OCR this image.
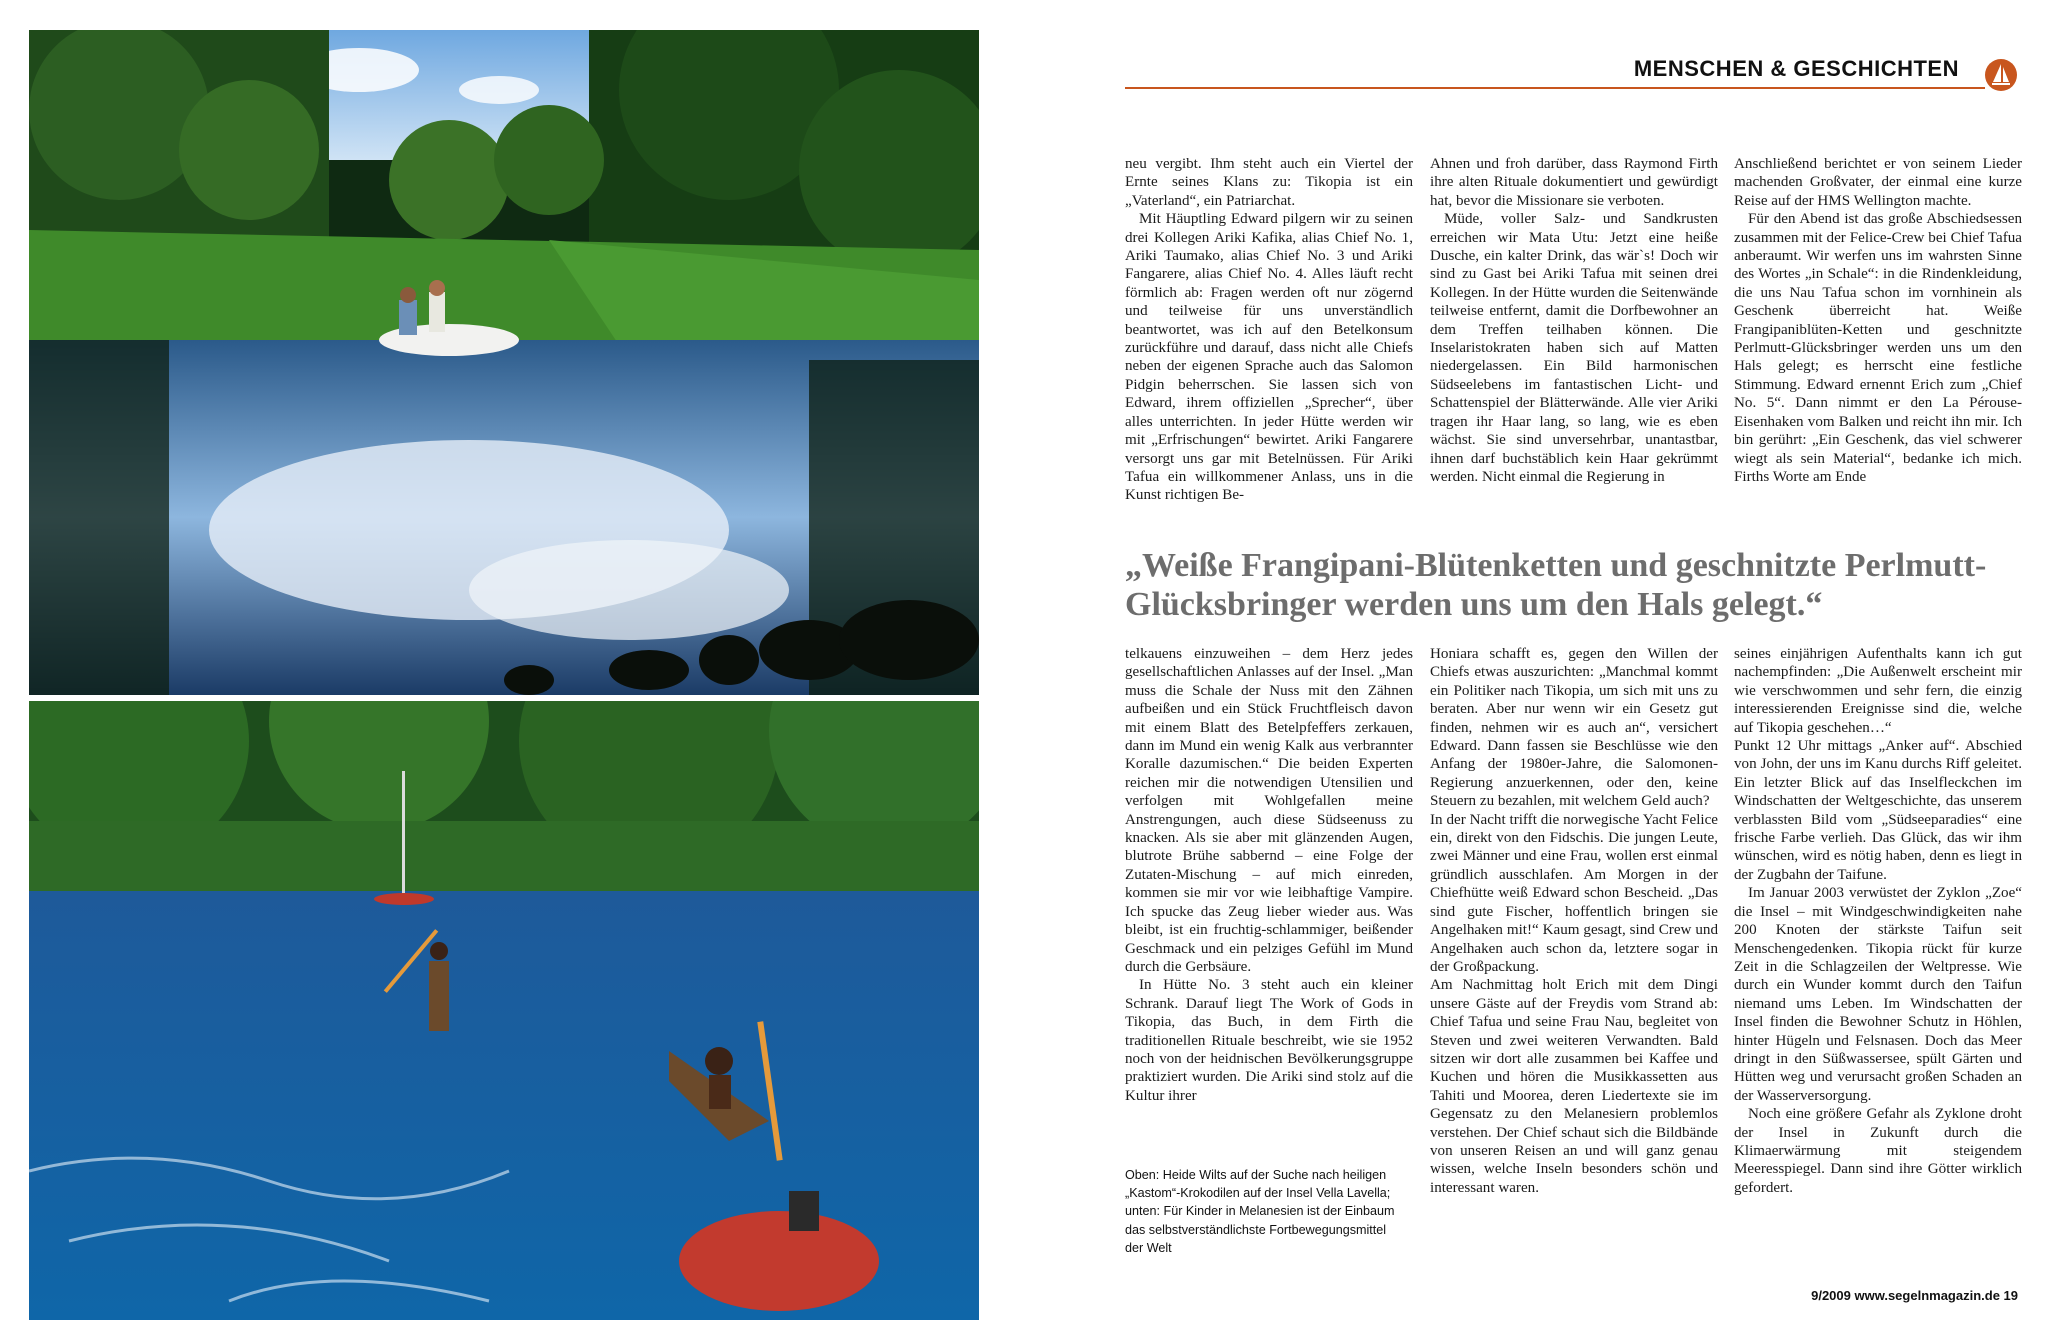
MENSCHEN & GESCHICHTEN

neu vergibt. Ihm steht auch ein Viertel der Ernte seines Klans zu: Tikopia ist ein „Vaterland“, ein Patriarchat.

Mit Häuptling Edward pilgern wir zu seinen drei Kollegen Ariki Kafika, alias Chief No. 1, Ariki Taumako, alias Chief No. 3 und Ariki Fangarere, alias Chief No. 4. Alles läuft recht förmlich ab: Fragen werden oft nur zögernd und teilweise für uns unverständlich beantwortet, was ich auf den Betelkonsum zurückführe und darauf, dass nicht alle Chiefs neben der eigenen Sprache auch das Salomon Pidgin beherrschen. Sie lassen sich von Edward, ihrem offiziellen „Sprecher“, über alles unterrichten. In jeder Hütte werden wir mit „Erfrischungen“ bewirtet. Ariki Fangarere versorgt uns gar mit Betelnüssen. Für Ariki Tafua ein willkommener Anlass, uns in die Kunst richtigen Be-

Ahnen und froh darüber, dass Raymond Firth ihre alten Rituale dokumentiert und gewürdigt hat, bevor die Missionare sie verboten.

Müde, voller Salz- und Sandkrusten erreichen wir Mata Utu: Jetzt eine heiße Dusche, ein kalter Drink, das wär`s! Doch wir sind zu Gast bei Ariki Tafua mit seinen drei Kollegen. In der Hütte wurden die Seitenwände teilweise entfernt, damit die Dorfbewohner an dem Treffen teilhaben können. Die Inselaristokraten haben sich auf Matten niedergelassen. Ein Bild harmonischen Südseelebens im fantastischen Licht- und Schattenspiel der Blätterwände. Alle vier Ariki tragen ihr Haar lang, so lang, wie es eben wächst. Sie sind unversehrbar, unantastbar, ihnen darf buchstäblich kein Haar gekrümmt werden. Nicht einmal die Regierung in

Anschließend berichtet er von seinem Lieder machenden Großvater, der einmal eine kurze Reise auf der HMS Wellington machte.

Für den Abend ist das große Abschiedsessen zusammen mit der Felice-Crew bei Chief Tafua anberaumt. Wir werfen uns im wahrsten Sinne des Wortes „in Schale“: in die Rindenkleidung, die uns Nau Tafua schon im vornhinein als Geschenk überreicht hat. Weiße Frangipaniblüten-Ketten und geschnitzte Perlmutt-Glücksbringer werden uns um den Hals gelegt; es herrscht eine festliche Stimmung. Edward ernennt Erich zum „Chief No. 5“. Dann nimmt er den La Pérouse-Eisenhaken vom Balken und reicht ihn mir. Ich bin gerührt: „Ein Geschenk, das viel schwerer wiegt als sein Material“, bedanke ich mich. Firths Worte am Ende

„Weiße Frangipani-Blütenketten und geschnitzte Perlmutt-Glücksbringer werden uns um den Hals gelegt.“

telkauens einzuweihen – dem Herz jedes gesellschaftlichen Anlasses auf der Insel. „Man muss die Schale der Nuss mit den Zähnen aufbeißen und ein Stück Fruchtfleisch davon mit einem Blatt des Betelpfeffers zerkauen, dann im Mund ein wenig Kalk aus verbrannter Koralle dazumischen.“ Die beiden Experten reichen mir die notwendigen Utensilien und verfolgen mit Wohlgefallen meine Anstrengungen, auch diese Südseenuss zu knacken. Als sie aber mit glänzenden Augen, blutrote Brühe sabbernd – eine Folge der Zutaten-Mischung – auf mich einreden, kommen sie mir vor wie leibhaftige Vampire. Ich spucke das Zeug lieber wieder aus. Was bleibt, ist ein fruchtig-schlammiger, beißender Geschmack und ein pelziges Gefühl im Mund durch die Gerbsäure.

In Hütte No. 3 steht auch ein kleiner Schrank. Darauf liegt The Work of Gods in Tikopia, das Buch, in dem Firth die traditionellen Rituale beschreibt, wie sie 1952 noch von der heidnischen Bevölkerungsgruppe praktiziert wurden. Die Ariki sind stolz auf die Kultur ihrer

Honiara schafft es, gegen den Willen der Chiefs etwas auszurichten: „Manchmal kommt ein Politiker nach Tikopia, um sich mit uns zu beraten. Aber nur wenn wir ein Gesetz gut finden, nehmen wir es auch an“, versichert Edward. Dann fassen sie Beschlüsse wie den Anfang der 1980er-Jahre, die Salomonen-Regierung anzuerkennen, oder den, keine Steuern zu bezahlen, mit welchem Geld auch?

In der Nacht trifft die norwegische Yacht Felice ein, direkt von den Fidschis. Die jungen Leute, zwei Männer und eine Frau, wollen erst einmal gründlich ausschlafen. Am Morgen in der Chiefhütte weiß Edward schon Bescheid. „Das sind gute Fischer, hoffentlich bringen sie Angelhaken mit!“ Kaum gesagt, sind Crew und Angelhaken auch schon da, letztere sogar in der Großpackung.

Am Nachmittag holt Erich mit dem Dingi unsere Gäste auf der Freydis vom Strand ab: Chief Tafua und seine Frau Nau, begleitet von Steven und zwei weiteren Verwandten. Bald sitzen wir dort alle zusammen bei Kaffee und Kuchen und hören die Musikkassetten aus Tahiti und Moorea, deren Liedertexte sie im Gegensatz zu den Melanesiern problemlos verstehen. Der Chief schaut sich die Bildbände von unseren Reisen an und will ganz genau wissen, welche Inseln besonders schön und interessant waren.

seines einjährigen Aufenthalts kann ich gut nachempfinden: „Die Außenwelt erscheint mir wie verschwommen und sehr fern, die einzig interessierenden Ereignisse sind die, welche auf Tikopia geschehen…“

Punkt 12 Uhr mittags „Anker auf“. Abschied von John, der uns im Kanu durchs Riff geleitet. Ein letzter Blick auf das Inselfleckchen im Windschatten der Weltgeschichte, das unserem verblassten Bild vom „Südseeparadies“ eine frische Farbe verlieh. Das Glück, das wir ihm wünschen, wird es nötig haben, denn es liegt in der Zugbahn der Taifune.

Im Januar 2003 verwüstet der Zyklon „Zoe“ die Insel – mit Windgeschwindigkeiten nahe 200 Knoten der stärkste Taifun seit Menschengedenken. Tikopia rückt für kurze Zeit in die Schlagzeilen der Weltpresse. Wie durch ein Wunder kommt durch den Taifun niemand ums Leben. Im Windschatten der Insel finden die Bewohner Schutz in Höhlen, hinter Hügeln und Felsnasen. Doch das Meer dringt in den Süßwassersee, spült Gärten und Hütten weg und verursacht großen Schaden an der Wasserversorgung.

Noch eine größere Gefahr als Zyklone droht der Insel in Zukunft durch die Klimaerwärmung mit steigendem Meeresspiegel. Dann sind ihre Götter wirklich gefordert.

Oben: Heide Wilts auf der Suche nach heiligen „Kastom“-Krokodilen auf der Insel Vella Lavella; unten: Für Kinder in Melanesien ist der Einbaum das selbstverständlichste Fortbewegungsmittel der Welt
9/2009 www.segelnmagazin.de 19
